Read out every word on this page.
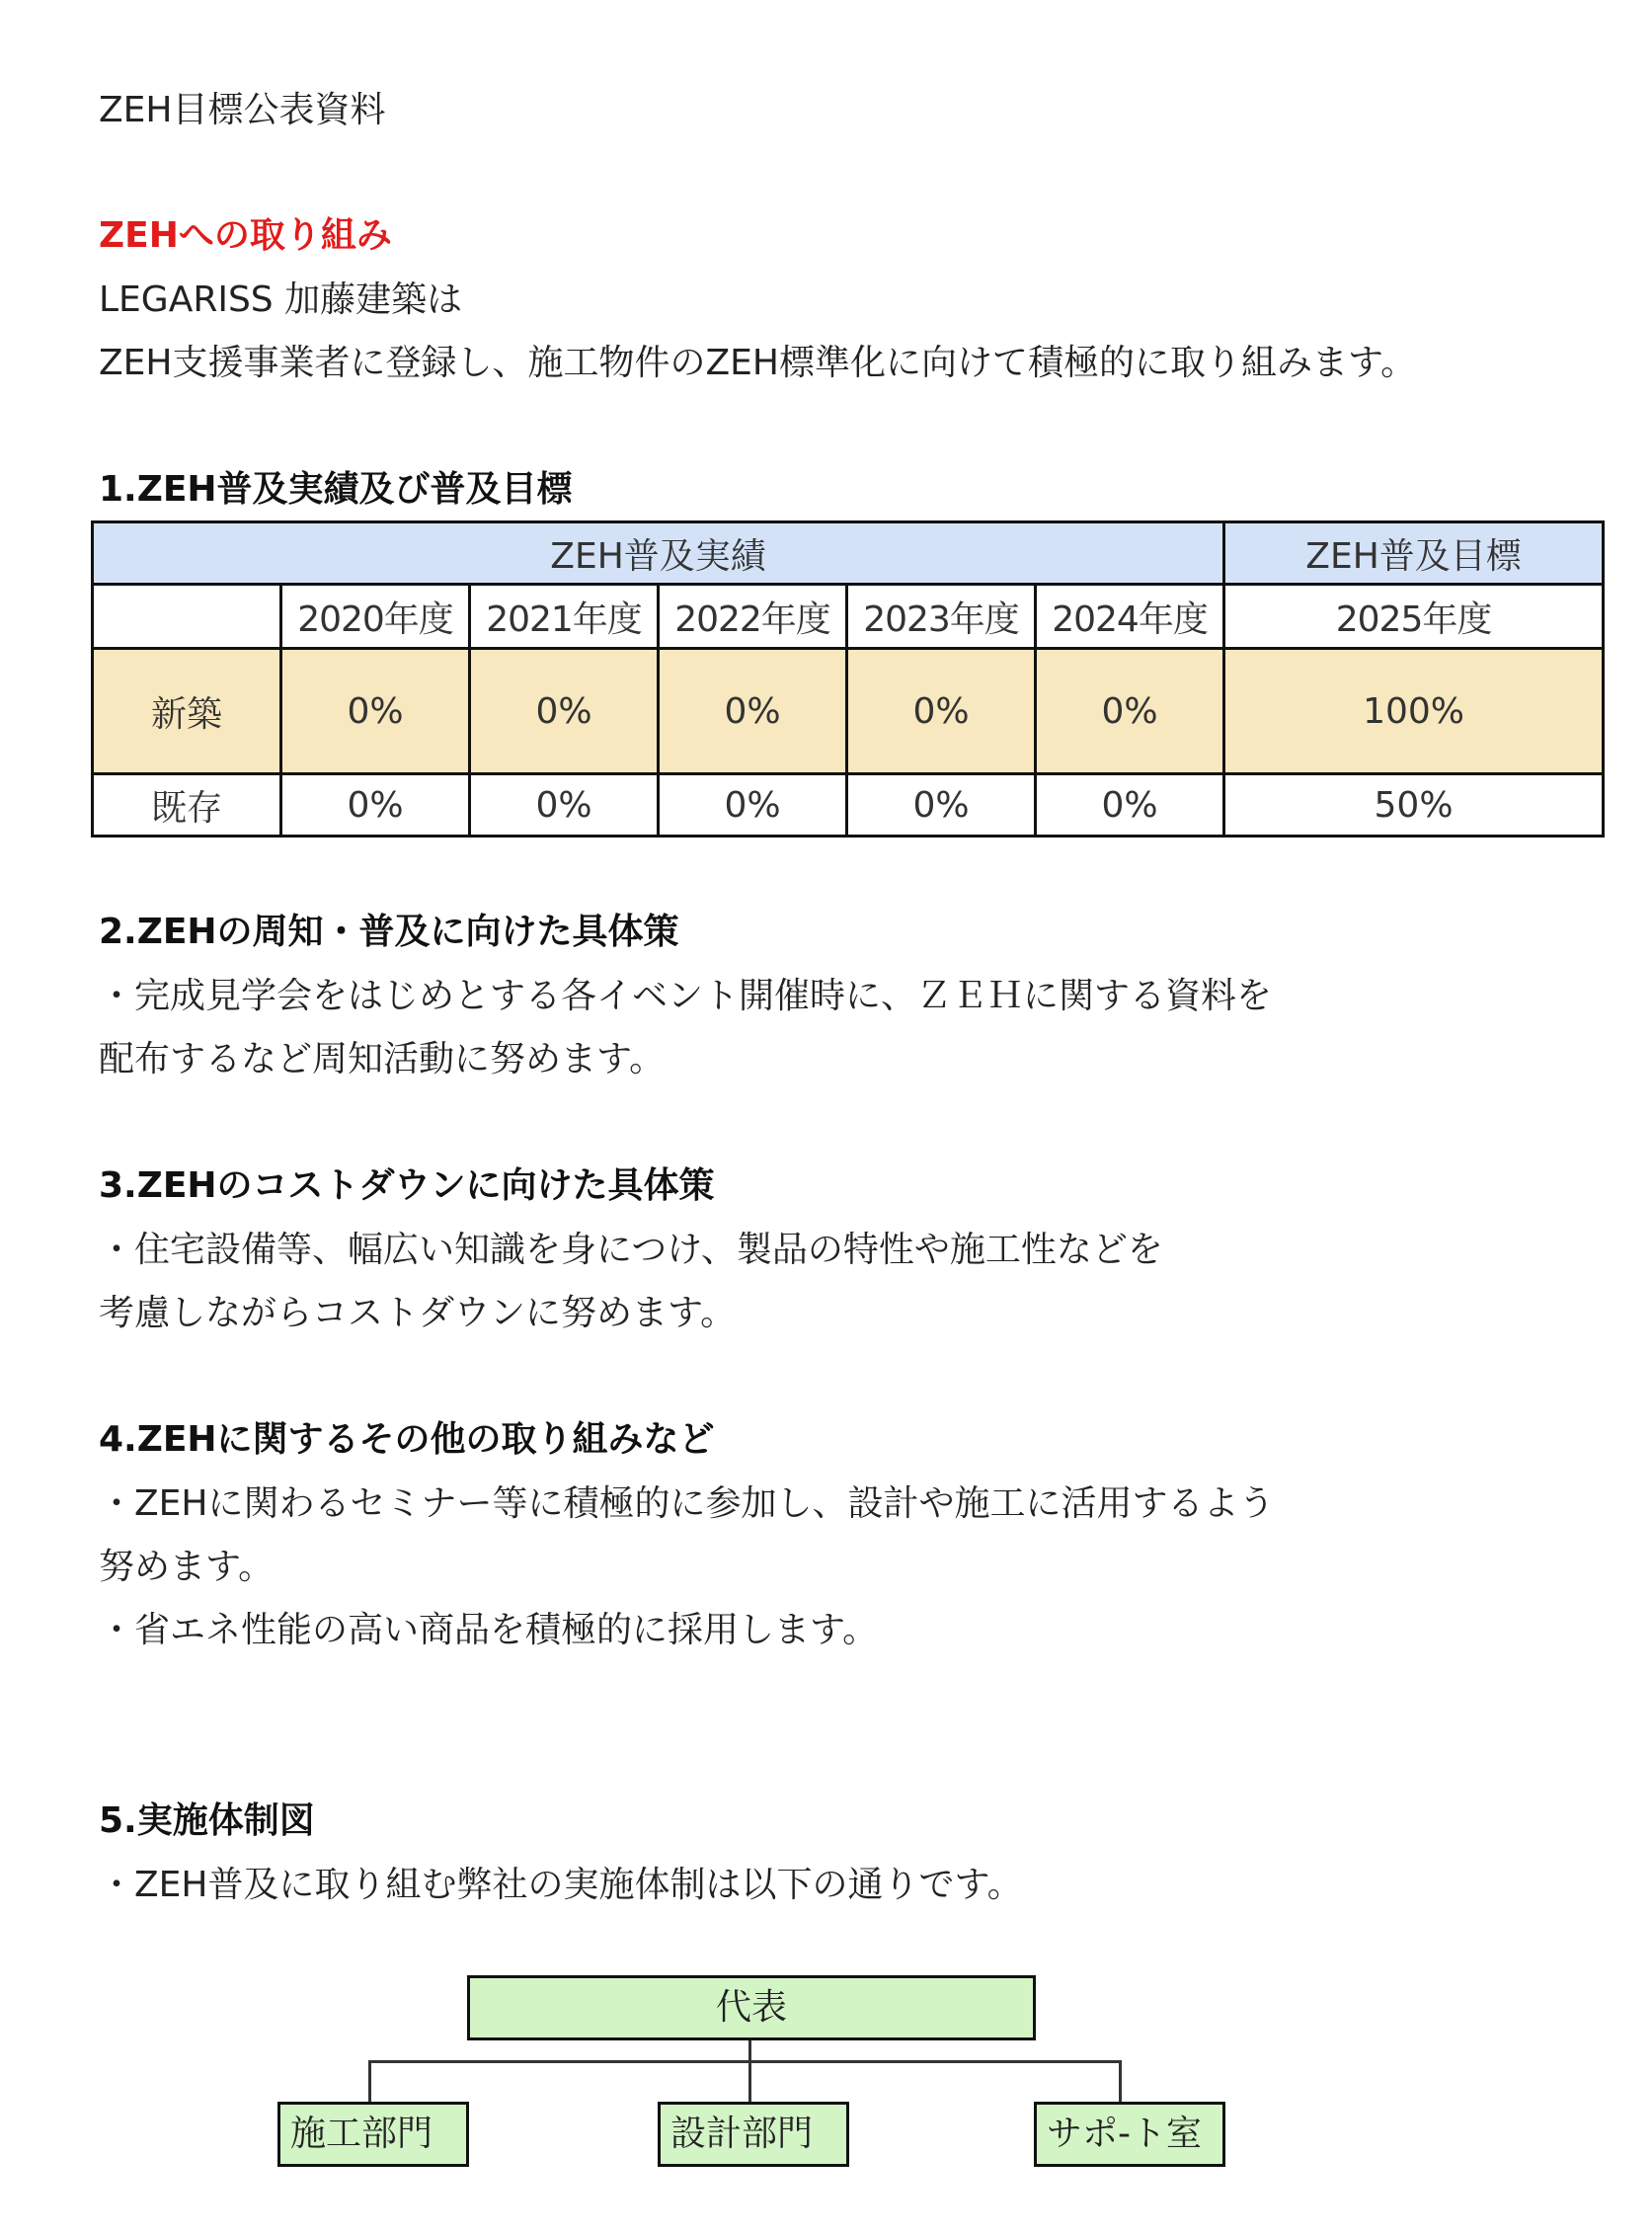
ZEH目標公表資料
ZEHへの取り組み
LEGARISS 加藤建築は
ZEH支援事業者に登録し、施工物件のZEH標準化に向けて積極的に取り組みます。
1.ZEH普及実績及び普及目標
ZEH普及実績						ZEH普及目標
	2020年度	2021年度	2022年度	2023年度	2024年度	2025年度
新築	0%	0%	0%	0%	0%	100%
既存	0%	0%	0%	0%	0%	50%
2.ZEHの周知・普及に向けた具体策
・完成見学会をはじめとする各イベント開催時に、ＺＥＨに関する資料を
配布するなど周知活動に努めます。
3.ZEHのコストダウンに向けた具体策
・住宅設備等、幅広い知識を身につけ、製品の特性や施工性などを
考慮しながらコストダウンに努めます。
4.ZEHに関するその他の取り組みなど
・ZEHに関わるセミナー等に積極的に参加し、設計や施工に活用するよう
努めます。
・省エネ性能の高い商品を積極的に採用します。
5.実施体制図
・ZEH普及に取り組む弊社の実施体制は以下の通りです。
代表
施工部門	設計部門	サポ-ト室
